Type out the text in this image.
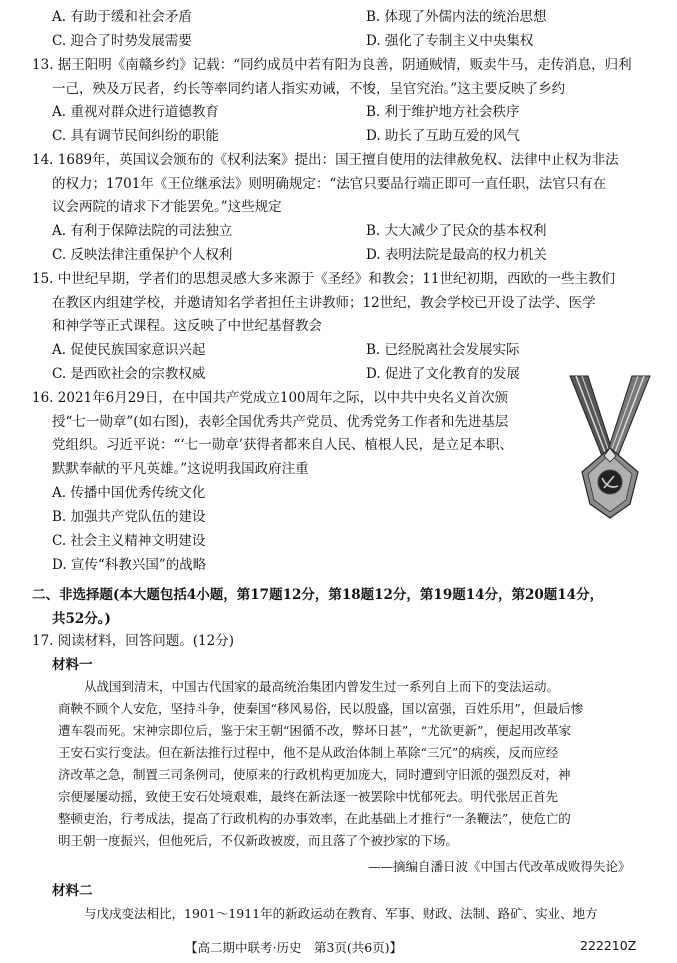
A. 有助于缓和社会矛盾	B. 体现了外儒内法的统治思想
C. 迎合了时势发展需要	D. 强化了专制主义中央集权
13. 据王阳明《南赣乡约》记载：“同约成员中若有阳为良善，阴通贼情，贩卖牛马，走传消息，归利
一己，殃及万民者，约长等率同约诸人指实劝诫，不悛，呈官究治。”这主要反映了乡约
A. 重视对群众进行道德教育	B. 利于维护地方社会秩序
C. 具有调节民间纠纷的职能	D. 助长了互助互爱的风气
14. 1689年，英国议会颁布的《权利法案》提出：国王擅自使用的法律赦免权、法律中止权为非法
的权力；1701年《王位继承法》则明确规定：“法官只要品行端正即可一直任职，法官只有在
议会两院的请求下才能罢免。”这些规定
A. 有利于保障法院的司法独立	B. 大大减少了民众的基本权利
C. 反映法律注重保护个人权利	D. 表明法院是最高的权力机关
15. 中世纪早期，学者们的思想灵感大多来源于《圣经》和教会；11世纪初期，西欧的一些主教们
在教区内组建学校，并邀请知名学者担任主讲教师；12世纪，教会学校已开设了法学、医学
和神学等正式课程。这反映了中世纪基督教会
A. 促使民族国家意识兴起	B. 已经脱离社会发展实际
C. 是西欧社会的宗教权威	D. 促进了文化教育的发展
16. 2021年6月29日，在中国共产党成立100周年之际，以中共中央名义首次颁
授“七一勋章”(如右图)，表彰全国优秀共产党员、优秀党务工作者和先进基层
党组织。习近平说：“‘七一勋章’获得者都来自人民、植根人民，是立足本职、
默默奉献的平凡英雄。”这说明我国政府注重
A. 传播中国优秀传统文化
B. 加强共产党队伍的建设
C. 社会主义精神文明建设
D. 宣传“科教兴国”的战略
二、非选择题(本大题包括4小题，第17题12分，第18题12分，第19题14分，第20题14分，
共52分。)
17. 阅读材料，回答问题。(12分)
材料一
从战国到清末，中国古代国家的最高统治集团内曾发生过一系列自上而下的变法运动。
商鞅不顾个人安危，坚持斗争，使秦国“移风易俗，民以殷盛，国以富强，百姓乐用”，但最后惨
遭车裂而死。宋神宗即位后，鉴于宋王朝“困循不改，弊坏日甚”，“尤欲更新”，便起用改革家
王安石实行变法。但在新法推行过程中，他不是从政治体制上革除“三冗”的病疾，反而应经
济改革之急，制置三司条例司，使原来的行政机构更加庞大，同时遭到守旧派的强烈反对，神
宗便屡屡动摇，致使王安石处境艰难，最终在新法逐一被罢除中忧郁死去。明代张居正首先
整顿吏治，行考成法，提高了行政机构的办事效率，在此基础上才推行“一条鞭法”，使危亡的
明王朝一度振兴，但他死后，不仅新政被废，而且落了个被抄家的下场。
——摘编自潘日波《中国古代改革成败得失论》
材料二
与戊戌变法相比，1901～1911年的新政运动在教育、军事、财政、法制、路矿、实业、地方
【高二期中联考·历史　第3页(共6页)】	222210Z
